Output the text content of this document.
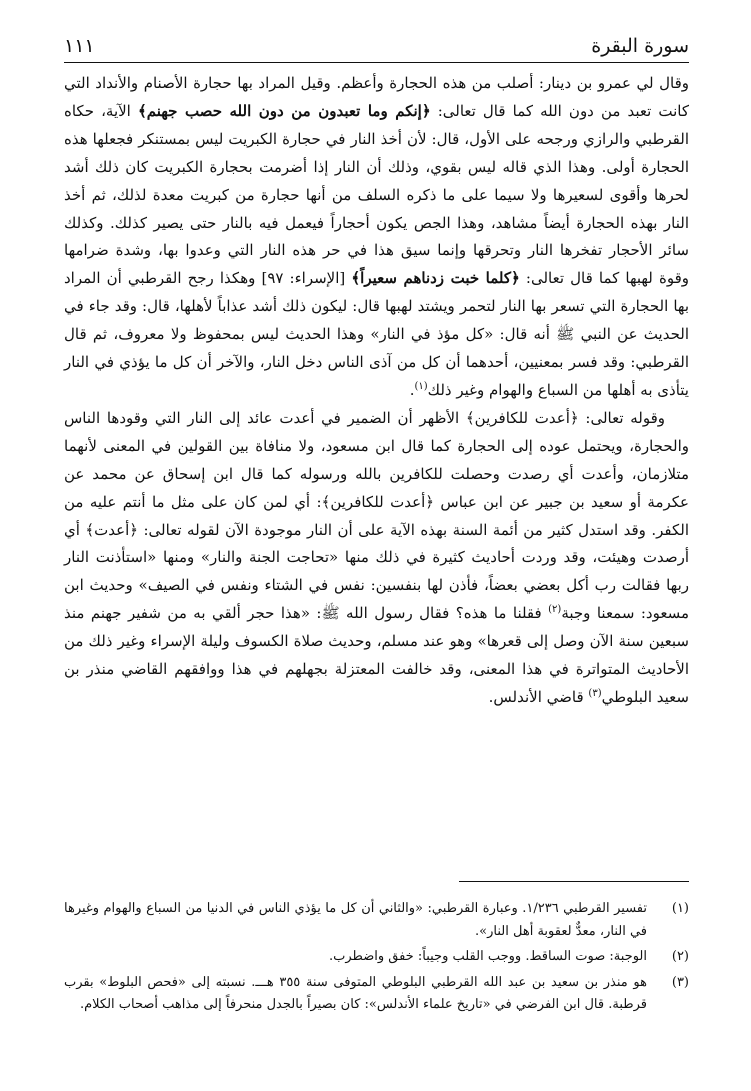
سورة البقرة
١١١

وقال لي عمرو بن دينار: أصلب من هذه الحجارة وأعظم. وقيل المراد بها حجارة الأصنام والأنداد التي كانت تعبد من دون الله كما قال تعالى: ﴿إنكم وما تعبدون من دون الله حصب جهنم﴾ الآية، حكاه القرطبي والرازي ورجحه على الأول، قال: لأن أخذ النار في حجارة الكبريت ليس بمستنكر فجعلها هذه الحجارة أولى. وهذا الذي قاله ليس بقوي، وذلك أن النار إذا أضرمت بحجارة الكبريت كان ذلك أشد لحرها وأقوى لسعيرها ولا سيما على ما ذكره السلف من أنها حجارة من كبريت معدة لذلك، ثم أخذ النار بهذه الحجارة أيضاً مشاهد، وهذا الجص يكون أحجاراً فيعمل فيه بالنار حتى يصير كذلك. وكذلك سائر الأحجار تفخرها النار وتحرقها وإنما سيق هذا في حر هذه النار التي وعدوا بها، وشدة ضرامها وقوة لهبها كما قال تعالى: ﴿كلما خبت زدناهم سعيراً﴾ [الإسراء: ٩٧] وهكذا رجح القرطبي أن المراد بها الحجارة التي تسعر بها النار لتحمر ويشتد لهبها قال: ليكون ذلك أشد عذاباً لأهلها، قال: وقد جاء في الحديث عن النبي ﷺ أنه قال: «كل مؤذ في النار» وهذا الحديث ليس بمحفوظ ولا معروف، ثم قال القرطبي: وقد فسر بمعنيين، أحدهما أن كل من آذى الناس دخل النار، والآخر أن كل ما يؤذي في النار يتأذى به أهلها من السباع والهوام وغير ذلك$^{(١)}$.

وقوله تعالى: ﴿أعدت للكافرين﴾ الأظهر أن الضمير في أعدت عائد إلى النار التي وقودها الناس والحجارة، ويحتمل عوده إلى الحجارة كما قال ابن مسعود، ولا منافاة بين القولين في المعنى لأنهما متلازمان، وأعدت أي رصدت وحصلت للكافرين بالله ورسوله كما قال ابن إسحاق عن محمد عن عكرمة أو سعيد بن جبير عن ابن عباس ﴿أعدت للكافرين﴾: أي لمن كان على مثل ما أنتم عليه من الكفر. وقد استدل كثير من أئمة السنة بهذه الآية على أن النار موجودة الآن لقوله تعالى: ﴿أعدت﴾ أي أرصدت وهيئت، وقد وردت أحاديث كثيرة في ذلك منها «تحاجت الجنة والنار» ومنها «استأذنت النار ربها فقالت رب أكل بعضي بعضاً، فأذن لها بنفسين: نفس في الشتاء ونفس في الصيف» وحديث ابن مسعود: سمعنا وجبة$^{(٢)}$ فقلنا ما هذه؟ فقال رسول الله ﷺ: «هذا حجر ألقي به من شفير جهنم منذ سبعين سنة الآن وصل إلى قعرها» وهو عند مسلم، وحديث صلاة الكسوف وليلة الإسراء وغير ذلك من الأحاديث المتواترة في هذا المعنى، وقد خالفت المعتزلة بجهلهم في هذا ووافقهم القاضي منذر بن سعيد البلوطي$^{(٣)}$ قاضي الأندلس.

(١)
تفسير القرطبي ١/٢٣٦. وعبارة القرطبي: «والثاني أن كل ما يؤذي الناس في الدنيا من السباع والهوام وغيرها في النار، معدٌّ لعقوبة أهل النار».
(٢)
الوجبة: صوت الساقط. ووجب القلب وجيباً: خفق واضطرب.
(٣)
هو منذر بن سعيد بن عبد الله القرطبي البلوطي المتوفى سنة ٣٥٥ هـــ. نسبته إلى «فحص البلوط» بقرب قرطبة. قال ابن الفرضي في «تاريخ علماء الأندلس»: كان بصيراً بالجدل منحرفاً إلى مذاهب أصحاب الكلام.
